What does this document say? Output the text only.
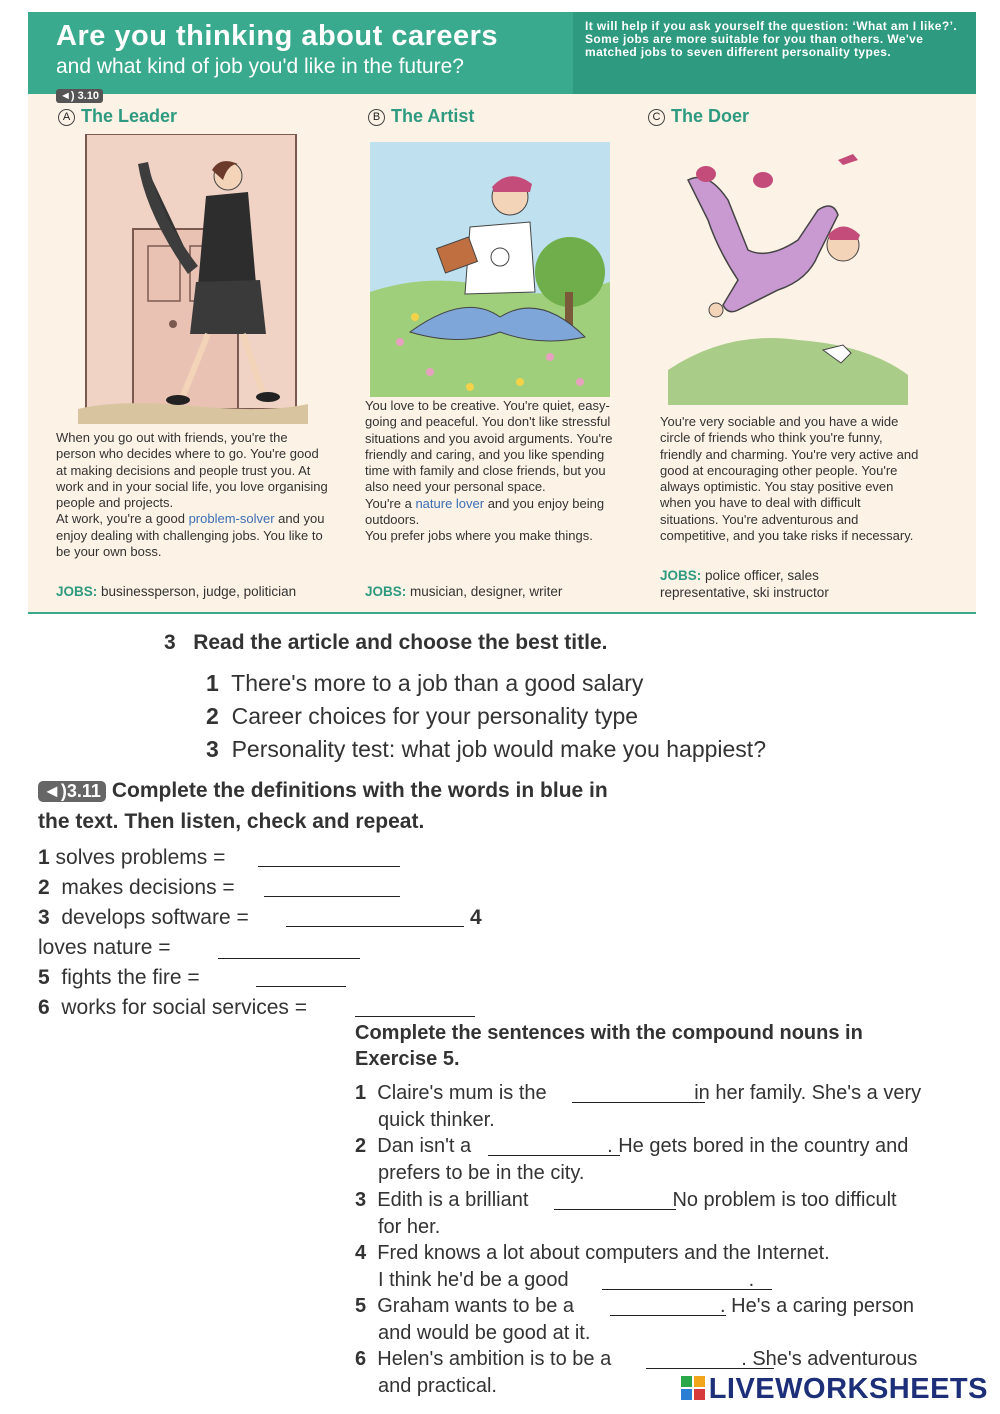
Are you thinking about careers
and what kind of job you'd like in the future?
It will help if you ask yourself the question: ‘What am I like?’. Some jobs are more suitable for you than others. We've matched jobs to seven different personality types.
◄) 3.10
A The Leader	B The Artist	C The Doer

When you go out with friends, you're the person who decides where to go. You're good at making decisions and people trust you. At work and in your social life, you love organising people and projects.

At work, you're a good problem-solver and you enjoy dealing with challenging jobs. You like to be your own boss.

JOBS: businessperson, judge, politician

You love to be creative. You're quiet, easy-going and peaceful. You don't like stressful situations and you avoid arguments. You're friendly and caring, and you like spending time with family and close friends, but you also need your personal space.

You're a nature lover and you enjoy being outdoors.

You prefer jobs where you make things.

JOBS: musician, designer, writer

You're very sociable and you have a wide circle of friends who think you're funny, friendly and charming. You're very active and good at encouraging other people. You're always optimistic. You stay positive even when you have to deal with difficult situations. You're adventurous and competitive, and you take risks if necessary.

JOBS: police officer, sales
representative, ski instructor
3 Read the article and choose the best title.
1 There's more to a job than a good salary
2 Career choices for your personality type
3 Personality test: what job would make you happiest?
◄)3.11 Complete the definitions with the words in blue in
the text. Then listen, check and repeat.
1 solves problems =
2 makes decisions =
3 develops software =	4
loves nature =
5 fights the fire =
6 works for social services =
Complete the sentences with the compound nouns in
Exercise 5.
1 Claire's mum is the	in her family. She's a very
quick thinker.
2 Dan isn't a	. He gets bored in the country and
prefers to be in the city.
3 Edith is a brilliant	No problem is too difficult
for her.
4 Fred knows a lot about computers and the Internet.
I think he'd be a good	.
5 Graham wants to be a	. He's a caring person
and would be good at it.
6 Helen's ambition is to be a	. She's adventurous
and practical.	LIVEWORKSHEETS
